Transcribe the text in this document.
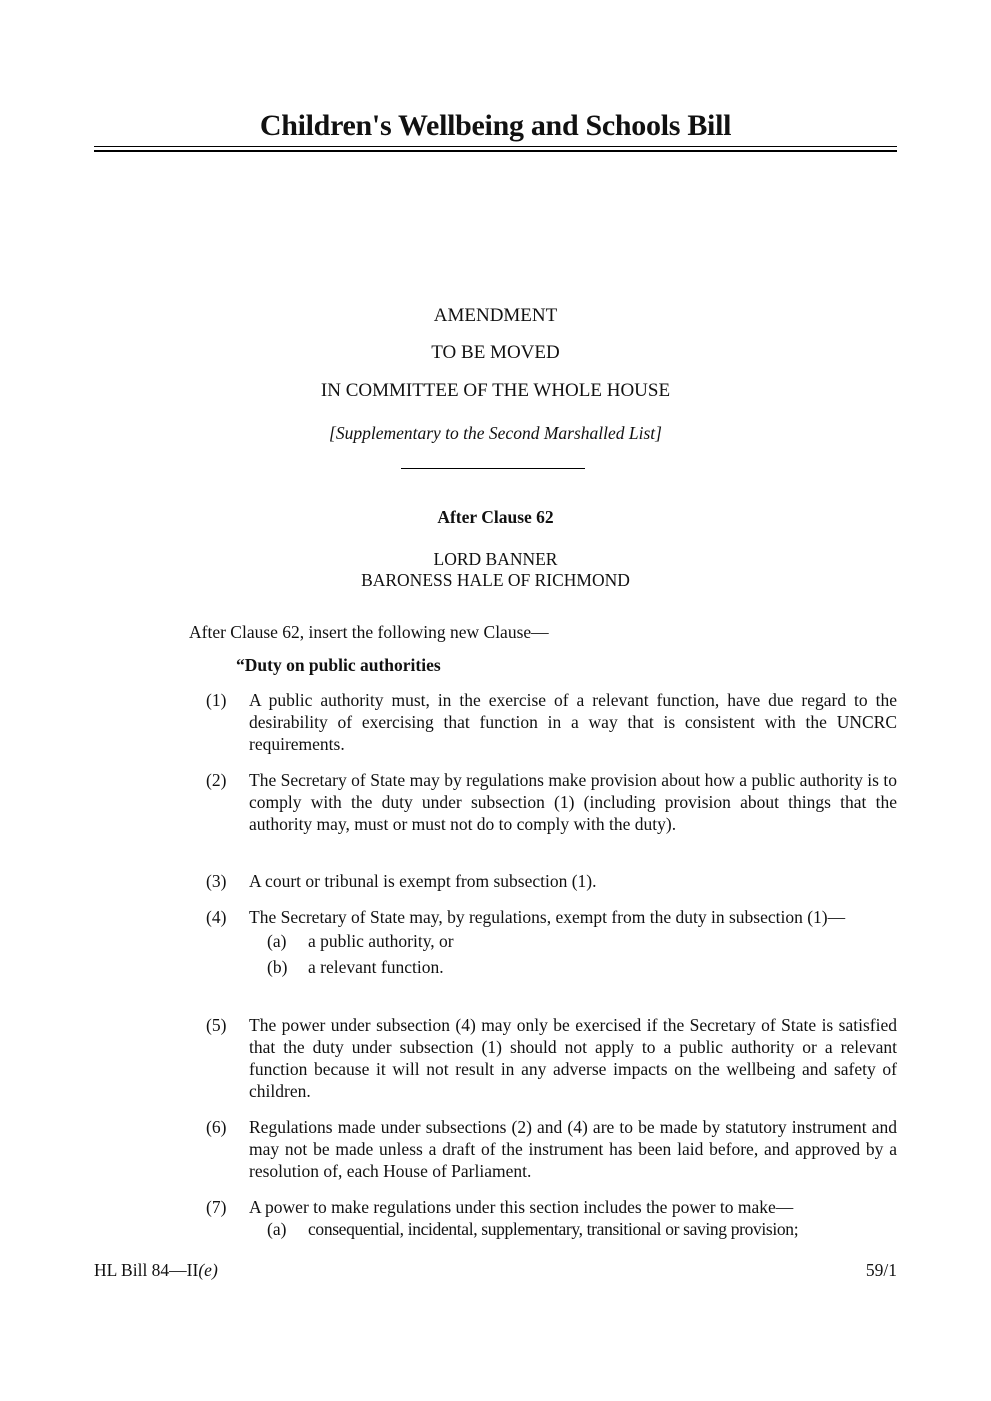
Children's Wellbeing and Schools Bill
AMENDMENT
TO BE MOVED
IN COMMITTEE OF THE WHOLE HOUSE
[Supplementary to the Second Marshalled List]
After Clause 62
LORD BANNER
BARONESS HALE OF RICHMOND
After Clause 62, insert the following new Clause—
“Duty on public authorities
(1) A public authority must, in the exercise of a relevant function, have due regard to the desirability of exercising that function in a way that is consistent with the UNCRC requirements.
(2) The Secretary of State may by regulations make provision about how a public authority is to comply with the duty under subsection (1) (including provision about things that the authority may, must or must not do to comply with the duty).
(3) A court or tribunal is exempt from subsection (1).
(4) The Secretary of State may, by regulations, exempt from the duty in subsection (1)—
(a) a public authority, or
(b) a relevant function.
(5) The power under subsection (4) may only be exercised if the Secretary of State is satisfied that the duty under subsection (1) should not apply to a public authority or a relevant function because it will not result in any adverse impacts on the wellbeing and safety of children.
(6) Regulations made under subsections (2) and (4) are to be made by statutory instrument and may not be made unless a draft of the instrument has been laid before, and approved by a resolution of, each House of Parliament.
(7) A power to make regulations under this section includes the power to make—
(a) consequential, incidental, supplementary, transitional or saving provision;
HL Bill 84—II(e)	59/1
